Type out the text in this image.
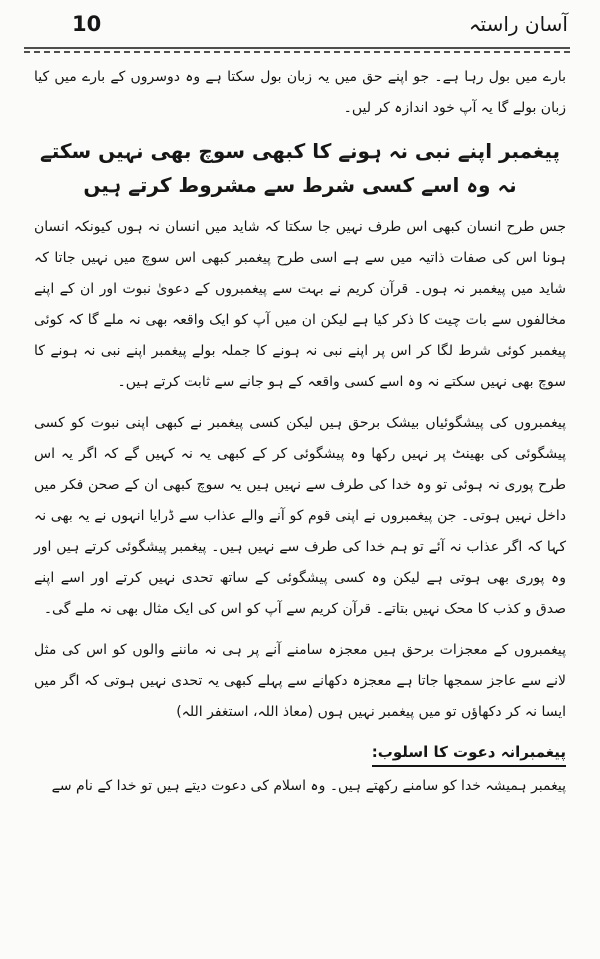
10	آسان راستہ

بارے میں بول رہا ہے۔ جو اپنے حق میں یہ زبان بول سکتا ہے وہ دوسروں کے بارے میں کیا زبان بولے گا یہ آپ خود اندازہ کر لیں۔

پیغمبر اپنے نبی نہ ہونے کا کبھی سوچ بھی نہیں سکتے
نہ وہ اسے کسی شرط سے مشروط کرتے ہیں

جس طرح انسان کبھی اس طرف نہیں جا سکتا کہ شاید میں انسان نہ ہوں کیونکہ انسان ہونا اس کی صفات ذاتیہ میں سے ہے اسی طرح پیغمبر کبھی اس سوچ میں نہیں جاتا کہ شاید میں پیغمبر نہ ہوں۔ قرآن کریم نے بہت سے پیغمبروں کے دعویٰ نبوت اور ان کے اپنے مخالفوں سے بات چیت کا ذکر کیا ہے لیکن ان میں آپ کو ایک واقعہ بھی نہ ملے گا کہ کوئی پیغمبر کوئی شرط لگا کر اس پر اپنے نبی نہ ہونے کا جملہ بولے پیغمبر اپنے نبی نہ ہونے کا سوچ بھی نہیں سکتے نہ وہ اسے کسی واقعہ کے ہو جانے سے ثابت کرتے ہیں۔

پیغمبروں کی پیشگوئیاں بیشک برحق ہیں لیکن کسی پیغمبر نے کبھی اپنی نبوت کو کسی پیشگوئی کی بھینٹ پر نہیں رکھا وہ پیشگوئی کر کے کبھی یہ نہ کہیں گے کہ اگر یہ اس طرح پوری نہ ہوئی تو وہ خدا کی طرف سے نہیں ہیں یہ سوچ کبھی ان کے صحن فکر میں داخل نہیں ہوتی۔ جن پیغمبروں نے اپنی قوم کو آنے والے عذاب سے ڈرایا انہوں نے یہ بھی نہ کہا کہ اگر عذاب نہ آئے تو ہم خدا کی طرف سے نہیں ہیں۔ پیغمبر پیشگوئی کرتے ہیں اور وہ پوری بھی ہوتی ہے لیکن وہ کسی پیشگوئی کے ساتھ تحدی نہیں کرتے اور اسے اپنے صدق و کذب کا محک نہیں بتاتے۔ قرآن کریم سے آپ کو اس کی ایک مثال بھی نہ ملے گی۔

پیغمبروں کے معجزات برحق ہیں معجزہ سامنے آنے پر ہی نہ ماننے والوں کو اس کی مثل لانے سے عاجز سمجھا جاتا ہے معجزہ دکھانے سے پہلے کبھی یہ تحدی نہیں ہوتی کہ اگر میں ایسا نہ کر دکھاؤں تو میں پیغمبر نہیں ہوں (معاذ اللہ، استغفر اللہ)

پیغمبرانہ دعوت کا اسلوب:

پیغمبر ہمیشہ خدا کو سامنے رکھتے ہیں۔ وہ اسلام کی دعوت دیتے ہیں تو خدا کے نام سے
